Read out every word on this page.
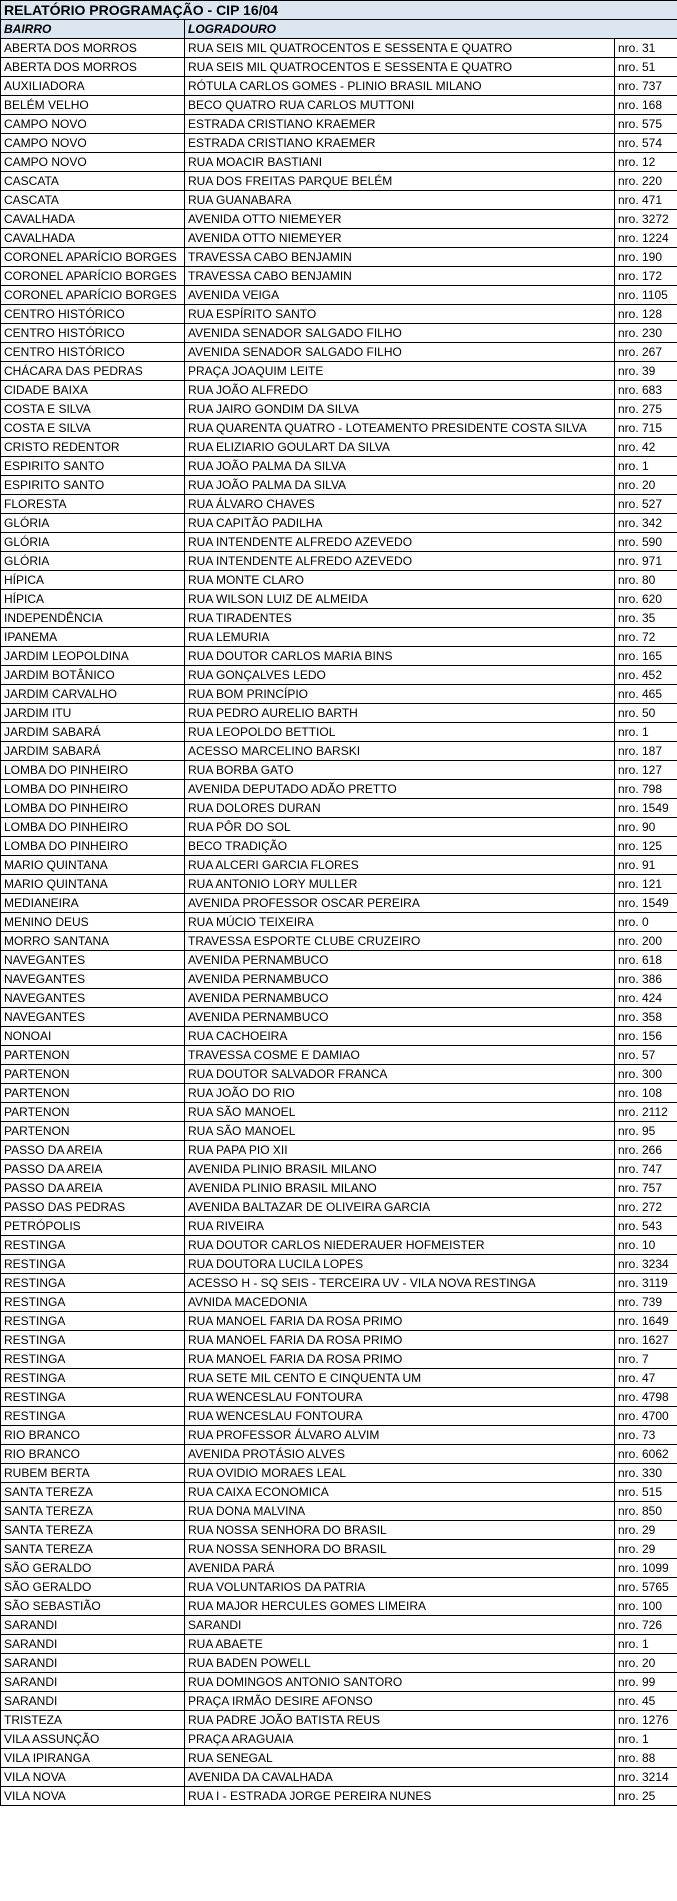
RELATÓRIO PROGRAMAÇÃO - CIP 16/04		
BAIRRO	LOGRADOURO	
ABERTA DOS MORROS	RUA SEIS MIL QUATROCENTOS E SESSENTA E QUATRO	nro. 31
ABERTA DOS MORROS	RUA SEIS MIL QUATROCENTOS E SESSENTA E QUATRO	nro. 51
AUXILIADORA	RÓTULA CARLOS GOMES - PLINIO BRASIL MILANO	nro. 737
BELÉM VELHO	BECO QUATRO RUA CARLOS MUTTONI	nro. 168
CAMPO NOVO	ESTRADA CRISTIANO KRAEMER	nro. 575
CAMPO NOVO	ESTRADA CRISTIANO KRAEMER	nro. 574
CAMPO NOVO	RUA MOACIR BASTIANI	nro. 12
CASCATA	RUA DOS FREITAS PARQUE BELÉM	nro. 220
CASCATA	RUA GUANABARA	nro. 471
CAVALHADA	AVENIDA OTTO NIEMEYER	nro. 3272
CAVALHADA	AVENIDA OTTO NIEMEYER	nro. 1224
CORONEL APARÍCIO BORGES	TRAVESSA CABO BENJAMIN	nro. 190
CORONEL APARÍCIO BORGES	TRAVESSA CABO BENJAMIN	nro. 172
CORONEL APARÍCIO BORGES	AVENIDA VEIGA	nro. 1105
CENTRO HISTÓRICO	RUA ESPÍRITO SANTO	nro. 128
CENTRO HISTÓRICO	AVENIDA SENADOR SALGADO FILHO	nro. 230
CENTRO HISTÓRICO	AVENIDA SENADOR SALGADO FILHO	nro. 267
CHÁCARA DAS PEDRAS	PRAÇA JOAQUIM LEITE	nro. 39
CIDADE BAIXA	RUA JOÃO ALFREDO	nro. 683
COSTA E SILVA	RUA JAIRO GONDIM DA SILVA	nro. 275
COSTA E SILVA	RUA QUARENTA QUATRO - LOTEAMENTO PRESIDENTE COSTA SILVA	nro. 715
CRISTO REDENTOR	RUA ELIZIARIO GOULART DA SILVA	nro. 42
ESPIRITO SANTO	RUA JOÃO PALMA DA SILVA	nro. 1
ESPIRITO SANTO	RUA JOÃO PALMA DA SILVA	nro. 20
FLORESTA	RUA ÁLVARO CHAVES	nro. 527
GLÓRIA	RUA CAPITÃO PADILHA	nro. 342
GLÓRIA	RUA INTENDENTE ALFREDO AZEVEDO	nro. 590
GLÓRIA	RUA INTENDENTE ALFREDO AZEVEDO	nro. 971
HÍPICA	RUA MONTE CLARO	nro. 80
HÍPICA	RUA WILSON LUIZ DE ALMEIDA	nro. 620
INDEPENDÊNCIA	RUA TIRADENTES	nro. 35
IPANEMA	RUA LEMURIA	nro. 72
JARDIM LEOPOLDINA	RUA DOUTOR CARLOS MARIA BINS	nro. 165
JARDIM BOTÂNICO	RUA GONÇALVES LEDO	nro. 452
JARDIM CARVALHO	RUA BOM PRINCÍPIO	nro. 465
JARDIM ITU	RUA PEDRO AURELIO BARTH	nro. 50
JARDIM SABARÁ	RUA LEOPOLDO BETTIOL	nro. 1
JARDIM SABARÁ	ACESSO MARCELINO BARSKI	nro. 187
LOMBA DO PINHEIRO	RUA BORBA GATO	nro. 127
LOMBA DO PINHEIRO	AVENIDA DEPUTADO ADÃO PRETTO	nro. 798
LOMBA DO PINHEIRO	RUA DOLORES DURAN	nro. 1549
LOMBA DO PINHEIRO	RUA PÔR DO SOL	nro. 90
LOMBA DO PINHEIRO	BECO TRADIÇÃO	nro. 125
MARIO QUINTANA	RUA ALCERI GARCIA FLORES	nro. 91
MARIO QUINTANA	RUA ANTONIO LORY MULLER	nro. 121
MEDIANEIRA	AVENIDA PROFESSOR OSCAR PEREIRA	nro. 1549
MENINO DEUS	RUA MÚCIO TEIXEIRA	nro. 0
MORRO SANTANA	TRAVESSA ESPORTE CLUBE CRUZEIRO	nro. 200
NAVEGANTES	AVENIDA PERNAMBUCO	nro. 618
NAVEGANTES	AVENIDA PERNAMBUCO	nro. 386
NAVEGANTES	AVENIDA PERNAMBUCO	nro. 424
NAVEGANTES	AVENIDA PERNAMBUCO	nro. 358
NONOAI	RUA CACHOEIRA	nro. 156
PARTENON	TRAVESSA COSME E DAMIAO	nro. 57
PARTENON	RUA DOUTOR SALVADOR FRANCA	nro. 300
PARTENON	RUA JOÃO DO RIO	nro. 108
PARTENON	RUA SÃO MANOEL	nro. 2112
PARTENON	RUA SÃO MANOEL	nro. 95
PASSO DA AREIA	RUA PAPA PIO XII	nro. 266
PASSO DA AREIA	AVENIDA PLINIO BRASIL MILANO	nro. 747
PASSO DA AREIA	AVENIDA PLINIO BRASIL MILANO	nro. 757
PASSO DAS PEDRAS	AVENIDA BALTAZAR DE OLIVEIRA GARCIA	nro. 272
PETRÓPOLIS	RUA RIVEIRA	nro. 543
RESTINGA	RUA DOUTOR CARLOS NIEDERAUER HOFMEISTER	nro. 10
RESTINGA	RUA DOUTORA LUCILA LOPES	nro. 3234
RESTINGA	ACESSO H - SQ SEIS - TERCEIRA UV - VILA NOVA RESTINGA	nro. 3119
RESTINGA	AVNIDA MACEDONIA	nro. 739
RESTINGA	RUA MANOEL FARIA DA ROSA PRIMO	nro. 1649
RESTINGA	RUA MANOEL FARIA DA ROSA PRIMO	nro. 1627
RESTINGA	RUA MANOEL FARIA DA ROSA PRIMO	nro. 7
RESTINGA	RUA SETE MIL CENTO E CINQUENTA UM	nro. 47
RESTINGA	RUA WENCESLAU FONTOURA	nro. 4798
RESTINGA	RUA WENCESLAU FONTOURA	nro. 4700
RIO BRANCO	RUA PROFESSOR ÁLVARO ALVIM	nro. 73
RIO BRANCO	AVENIDA PROTÁSIO ALVES	nro. 6062
RUBEM BERTA	RUA OVIDIO MORAES LEAL	nro. 330
SANTA TEREZA	RUA CAIXA ECONOMICA	nro. 515
SANTA TEREZA	RUA DONA MALVINA	nro. 850
SANTA TEREZA	RUA NOSSA SENHORA DO BRASIL	nro. 29
SANTA TEREZA	RUA NOSSA SENHORA DO BRASIL	nro. 29
SÃO GERALDO	AVENIDA PARÁ	nro. 1099
SÃO GERALDO	RUA VOLUNTARIOS DA PATRIA	nro. 5765
SÃO SEBASTIÃO	RUA MAJOR HERCULES GOMES LIMEIRA	nro. 100
SARANDI	SARANDI	nro. 726
SARANDI	RUA ABAETE	nro. 1
SARANDI	RUA BADEN POWELL	nro. 20
SARANDI	RUA DOMINGOS ANTONIO SANTORO	nro. 99
SARANDI	PRAÇA IRMÃO DESIRE AFONSO	nro. 45
TRISTEZA	RUA PADRE JOÃO BATISTA REUS	nro. 1276
VILA ASSUNÇÃO	PRAÇA ARAGUAIA	nro. 1
VILA IPIRANGA	RUA SENEGAL	nro. 88
VILA NOVA	AVENIDA DA CAVALHADA	nro. 3214
VILA NOVA	RUA I - ESTRADA JORGE PEREIRA NUNES	nro. 25
